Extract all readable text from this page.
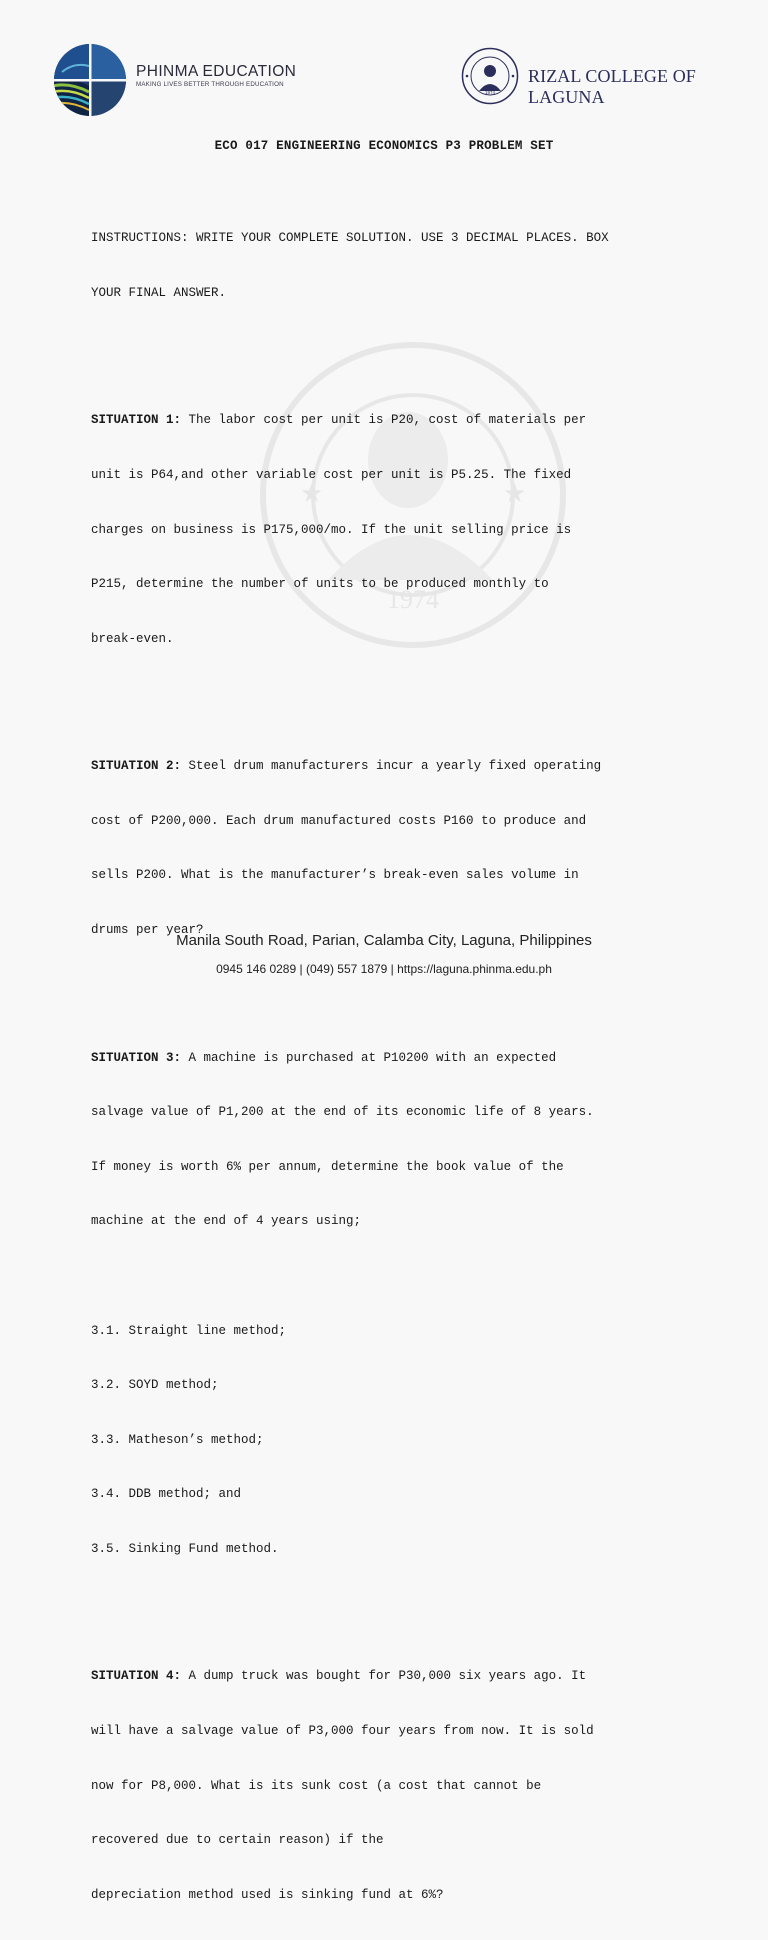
PHINMA EDUCATION
MAKING LIVES BETTER THROUGH EDUCATION
1974
RIZAL COLLEGE OF LAGUNA
★	★
1974
ECO 017 ENGINEERING ECONOMICS P3 PROBLEM SET

INSTRUCTIONS: WRITE YOUR COMPLETE SOLUTION. USE 3 DECIMAL PLACES. BOX

YOUR FINAL ANSWER.

SITUATION 1: The labor cost per unit is P20, cost of materials per

unit is P64,and other variable cost per unit is P5.25. The fixed

charges on business is P175,000/mo. If the unit selling price is

P215, determine the number of units to be produced monthly to

break-even.

SITUATION 2: Steel drum manufacturers incur a yearly fixed operating

cost of P200,000. Each drum manufactured costs P160 to produce and

sells P200. What is the manufacturer’s break-even sales volume in

drums per year?

SITUATION 3: A machine is purchased at P10200 with an expected

salvage value of P1,200 at the end of its economic life of 8 years.

If money is worth 6% per annum, determine the book value of the

machine at the end of 4 years using;

3.1. Straight line method;

3.2. SOYD method;

3.3. Matheson’s method;

3.4. DDB method; and

3.5. Sinking Fund method.

SITUATION 4: A dump truck was bought for P30,000 six years ago. It

will have a salvage value of P3,000 four years from now. It is sold

now for P8,000. What is its sunk cost (a cost that cannot be

recovered due to certain reason) if the

depreciation method used is sinking fund at 6%?

Manila South Road, Parian, Calamba City, Laguna, Philippines
0945 146 0289 | (049) 557 1879 | https://laguna.phinma.edu.ph
